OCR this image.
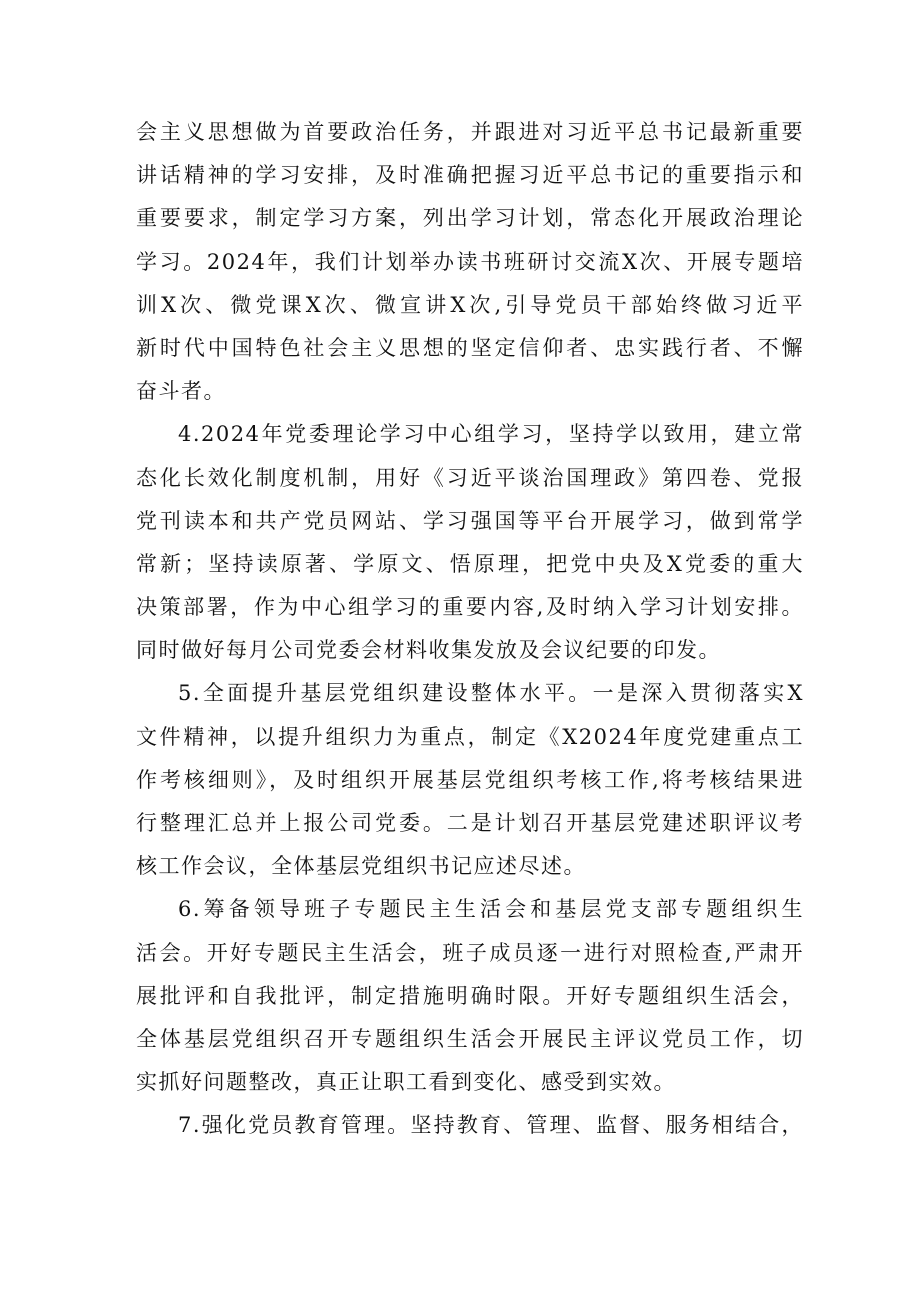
会主义思想做为首要政治任务，并跟进对习近平总书记最新重要
讲话精神的学习安排，及时准确把握习近平总书记的重要指示和
重要要求，制定学习方案，列出学习计划，常态化开展政治理论
学习。2024年，我们计划举办读书班研讨交流X次、开展专题培
训X次、微党课X次、微宣讲X次,引导党员干部始终做习近平
新时代中国特色社会主义思想的坚定信仰者、忠实践行者、不懈
奋斗者。
4.2024年党委理论学习中心组学习，坚持学以致用，建立常
态化长效化制度机制，用好《习近平谈治国理政》第四卷、党报
党刊读本和共产党员网站、学习强国等平台开展学习，做到常学
常新；坚持读原著、学原文、悟原理，把党中央及X党委的重大
决策部署，作为中心组学习的重要内容,及时纳入学习计划安排。
同时做好每月公司党委会材料收集发放及会议纪要的印发。
5.全面提升基层党组织建设整体水平。一是深入贯彻落实X
文件精神，以提升组织力为重点，制定《X2024年度党建重点工
作考核细则》，及时组织开展基层党组织考核工作,将考核结果进
行整理汇总并上报公司党委。二是计划召开基层党建述职评议考
核工作会议，全体基层党组织书记应述尽述。
6.筹备领导班子专题民主生活会和基层党支部专题组织生
活会。开好专题民主生活会，班子成员逐一进行对照检查,严肃开
展批评和自我批评，制定措施明确时限。开好专题组织生活会，
全体基层党组织召开专题组织生活会开展民主评议党员工作，切
实抓好问题整改，真正让职工看到变化、感受到实效。
7.强化党员教育管理。坚持教育、管理、监督、服务相结合，
